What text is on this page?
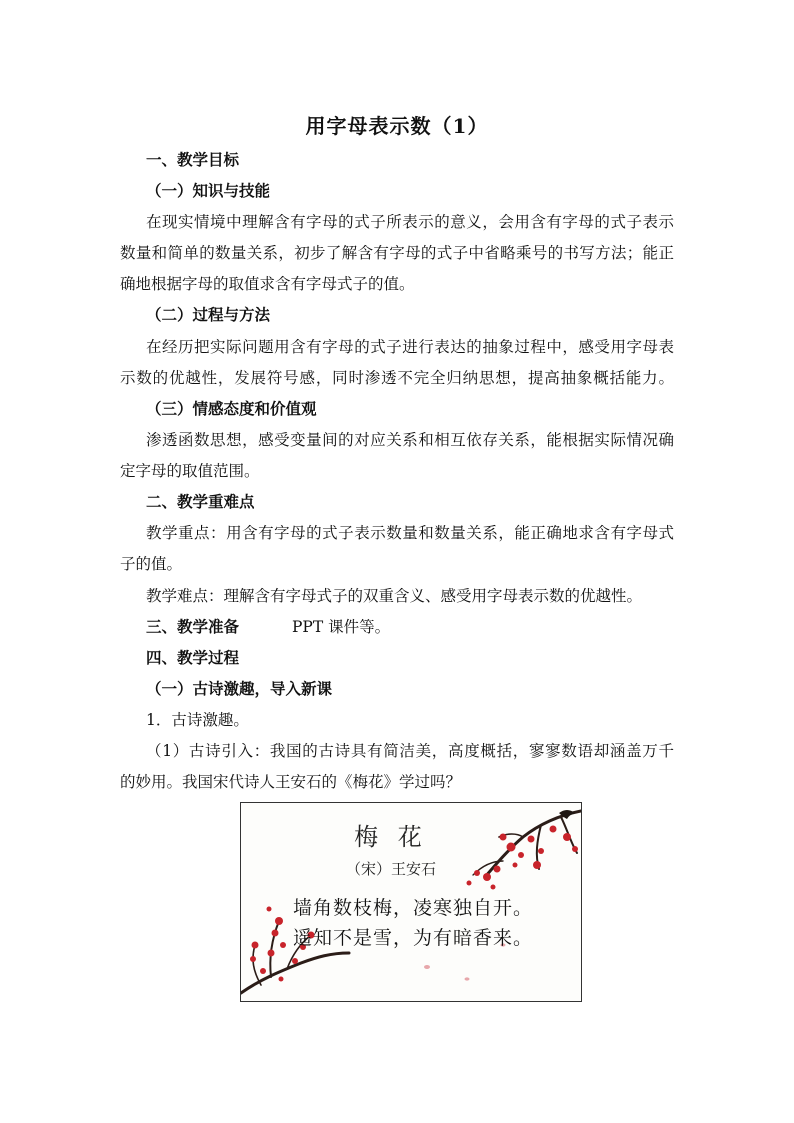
用字母表示数（1）
一、教学目标
（一）知识与技能
在现实情境中理解含有字母的式子所表示的意义，会用含有字母的式子表示
数量和简单的数量关系，初步了解含有字母的式子中省略乘号的书写方法；能正
确地根据字母的取值求含有字母式子的值。
（二）过程与方法
在经历把实际问题用含有字母的式子进行表达的抽象过程中，感受用字母表
示数的优越性，发展符号感，同时渗透不完全归纳思想，提高抽象概括能力。
（三）情感态度和价值观
渗透函数思想，感受变量间的对应关系和相互依存关系，能根据实际情况确
定字母的取值范围。
二、教学重难点
教学重点：用含有字母的式子表示数量和数量关系，能正确地求含有字母式
子的值。
教学难点：理解含有字母式子的双重含义、感受用字母表示数的优越性。
三、教学准备	PPT 课件等。
四、教学过程
（一）古诗激趣，导入新课
1．古诗激趣。
（1）古诗引入：我国的古诗具有简洁美，高度概括，寥寥数语却涵盖万千
的妙用。我国宋代诗人王安石的《梅花》学过吗？
梅 花
（宋）王安石
墙角数枝梅，凌寒独自开。
遥知不是雪，为有暗香来。
